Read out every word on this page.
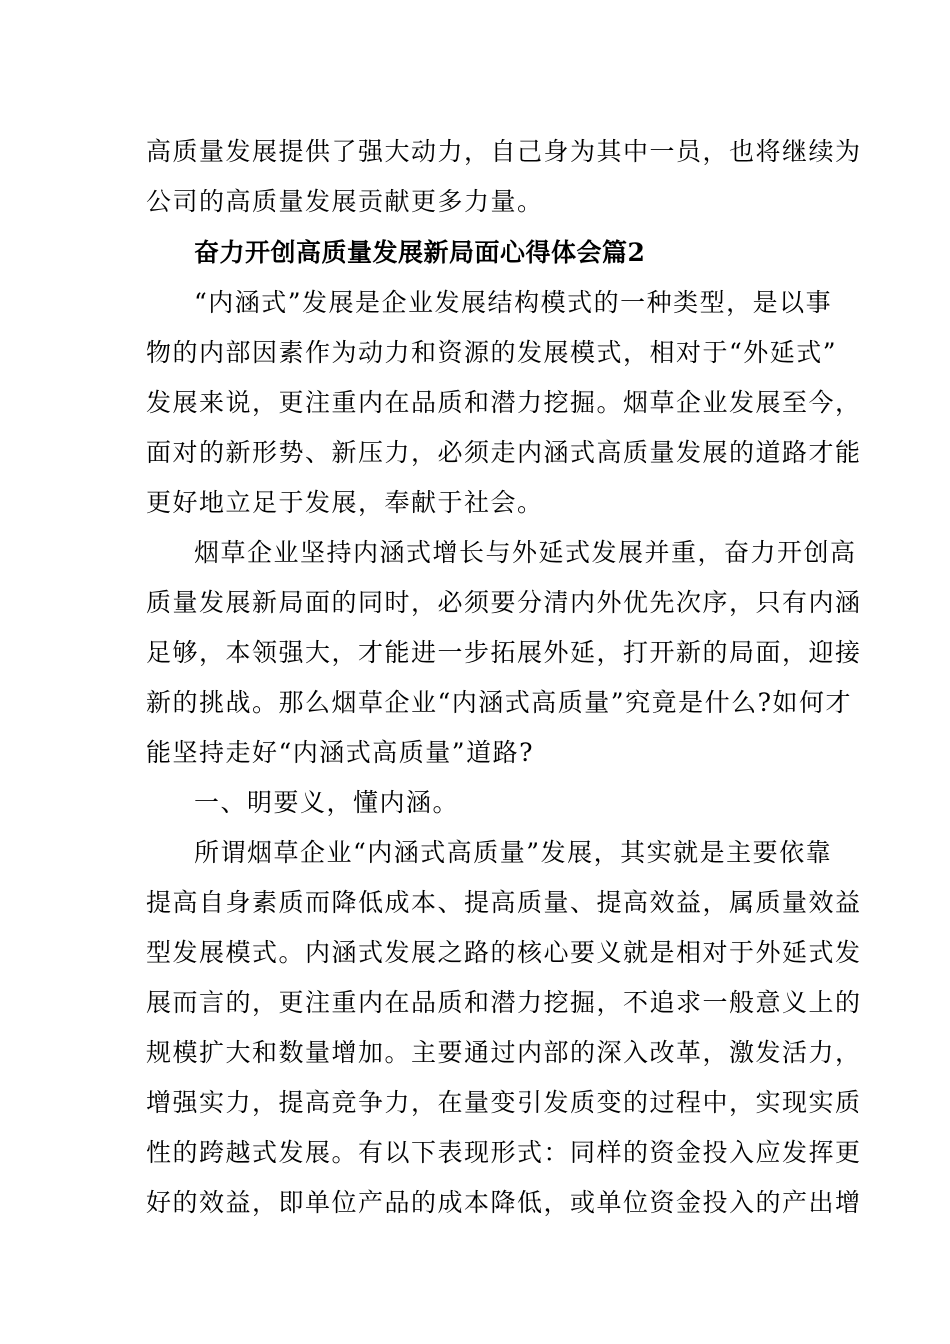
高质量发展提供了强大动力，自己身为其中一员，也将继续为
公司的高质量发展贡献更多力量。
奋力开创高质量发展新局面心得体会篇2
“内涵式”发展是企业发展结构模式的一种类型，是以事
物的内部因素作为动力和资源的发展模式，相对于“外延式”
发展来说，更注重内在品质和潜力挖掘。烟草企业发展至今，
面对的新形势、新压力，必须走内涵式高质量发展的道路才能
更好地立足于发展，奉献于社会。
烟草企业坚持内涵式增长与外延式发展并重，奋力开创高
质量发展新局面的同时，必须要分清内外优先次序，只有内涵
足够，本领强大，才能进一步拓展外延，打开新的局面，迎接
新的挑战。那么烟草企业“内涵式高质量”究竟是什么?如何才
能坚持走好“内涵式高质量”道路?
一、明要义，懂内涵。
所谓烟草企业“内涵式高质量”发展，其实就是主要依靠
提高自身素质而降低成本、提高质量、提高效益，属质量效益
型发展模式。内涵式发展之路的核心要义就是相对于外延式发
展而言的，更注重内在品质和潜力挖掘，不追求一般意义上的
规模扩大和数量增加。主要通过内部的深入改革，激发活力，
增强实力，提高竞争力，在量变引发质变的过程中，实现实质
性的跨越式发展。有以下表现形式：同样的资金投入应发挥更
好的效益，即单位产品的成本降低，或单位资金投入的产出增
